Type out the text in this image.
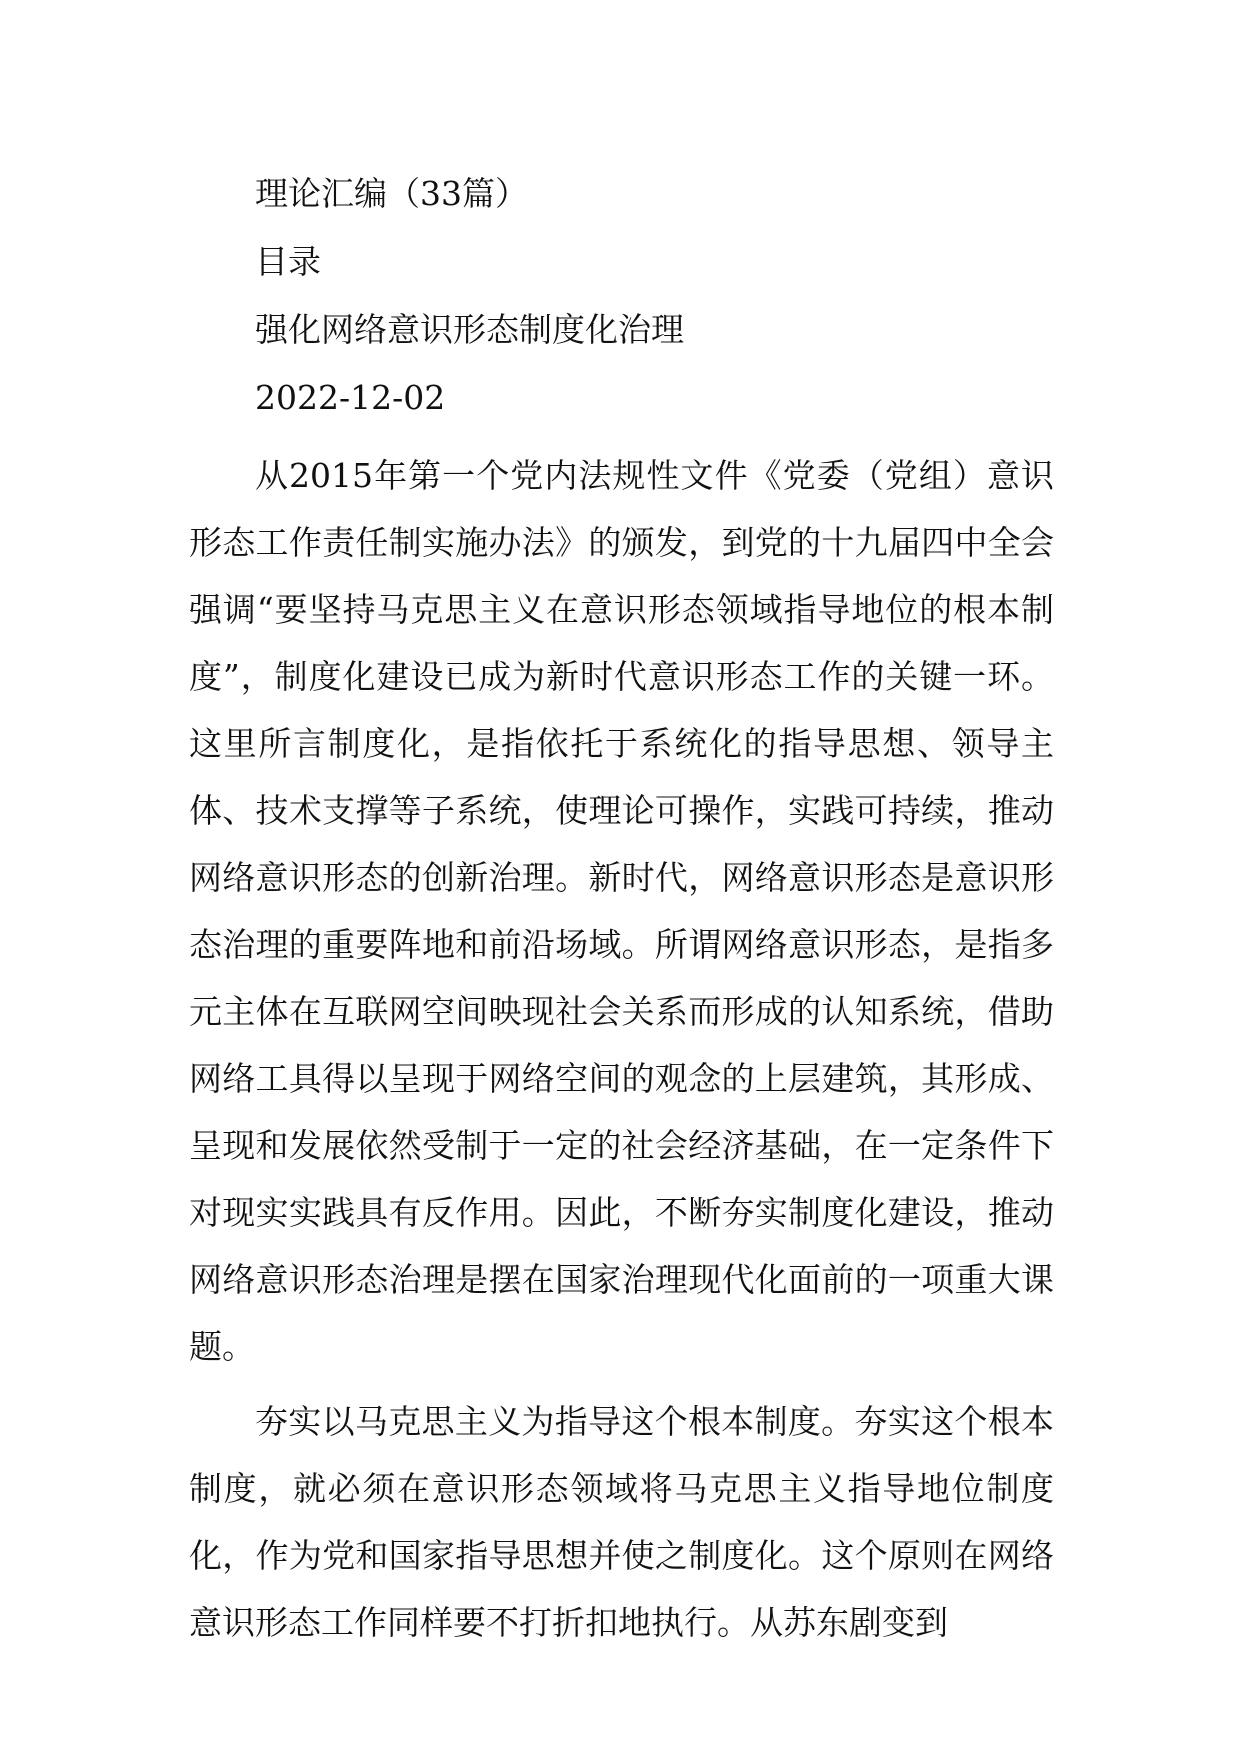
理论汇编（33篇）
目录
强化网络意识形态制度化治理
2022-12-02

从2015年第一个党内法规性文件《党委（党组）意识形态工作责任制实施办法》的颁发，到党的十九届四中全会强调“要坚持马克思主义在意识形态领域指导地位的根本制度”，制度化建设已成为新时代意识形态工作的关键一环。这里所言制度化，是指依托于系统化的指导思想、领导主体、技术支撑等子系统，使理论可操作，实践可持续，推动网络意识形态的创新治理。新时代，网络意识形态是意识形态治理的重要阵地和前沿场域。所谓网络意识形态，是指多元主体在互联网空间映现社会关系而形成的认知系统，借助网络工具得以呈现于网络空间的观念的上层建筑，其形成、呈现和发展依然受制于一定的社会经济基础，在一定条件下对现实实践具有反作用。因此，不断夯实制度化建设，推动网络意识形态治理是摆在国家治理现代化面前的一项重大课题。

夯实以马克思主义为指导这个根本制度。夯实这个根本制度，就必须在意识形态领域将马克思主义指导地位制度化，作为党和国家指导思想并使之制度化。这个原则在网络意识形态工作同样要不打折扣地执行。从苏东剧变到
